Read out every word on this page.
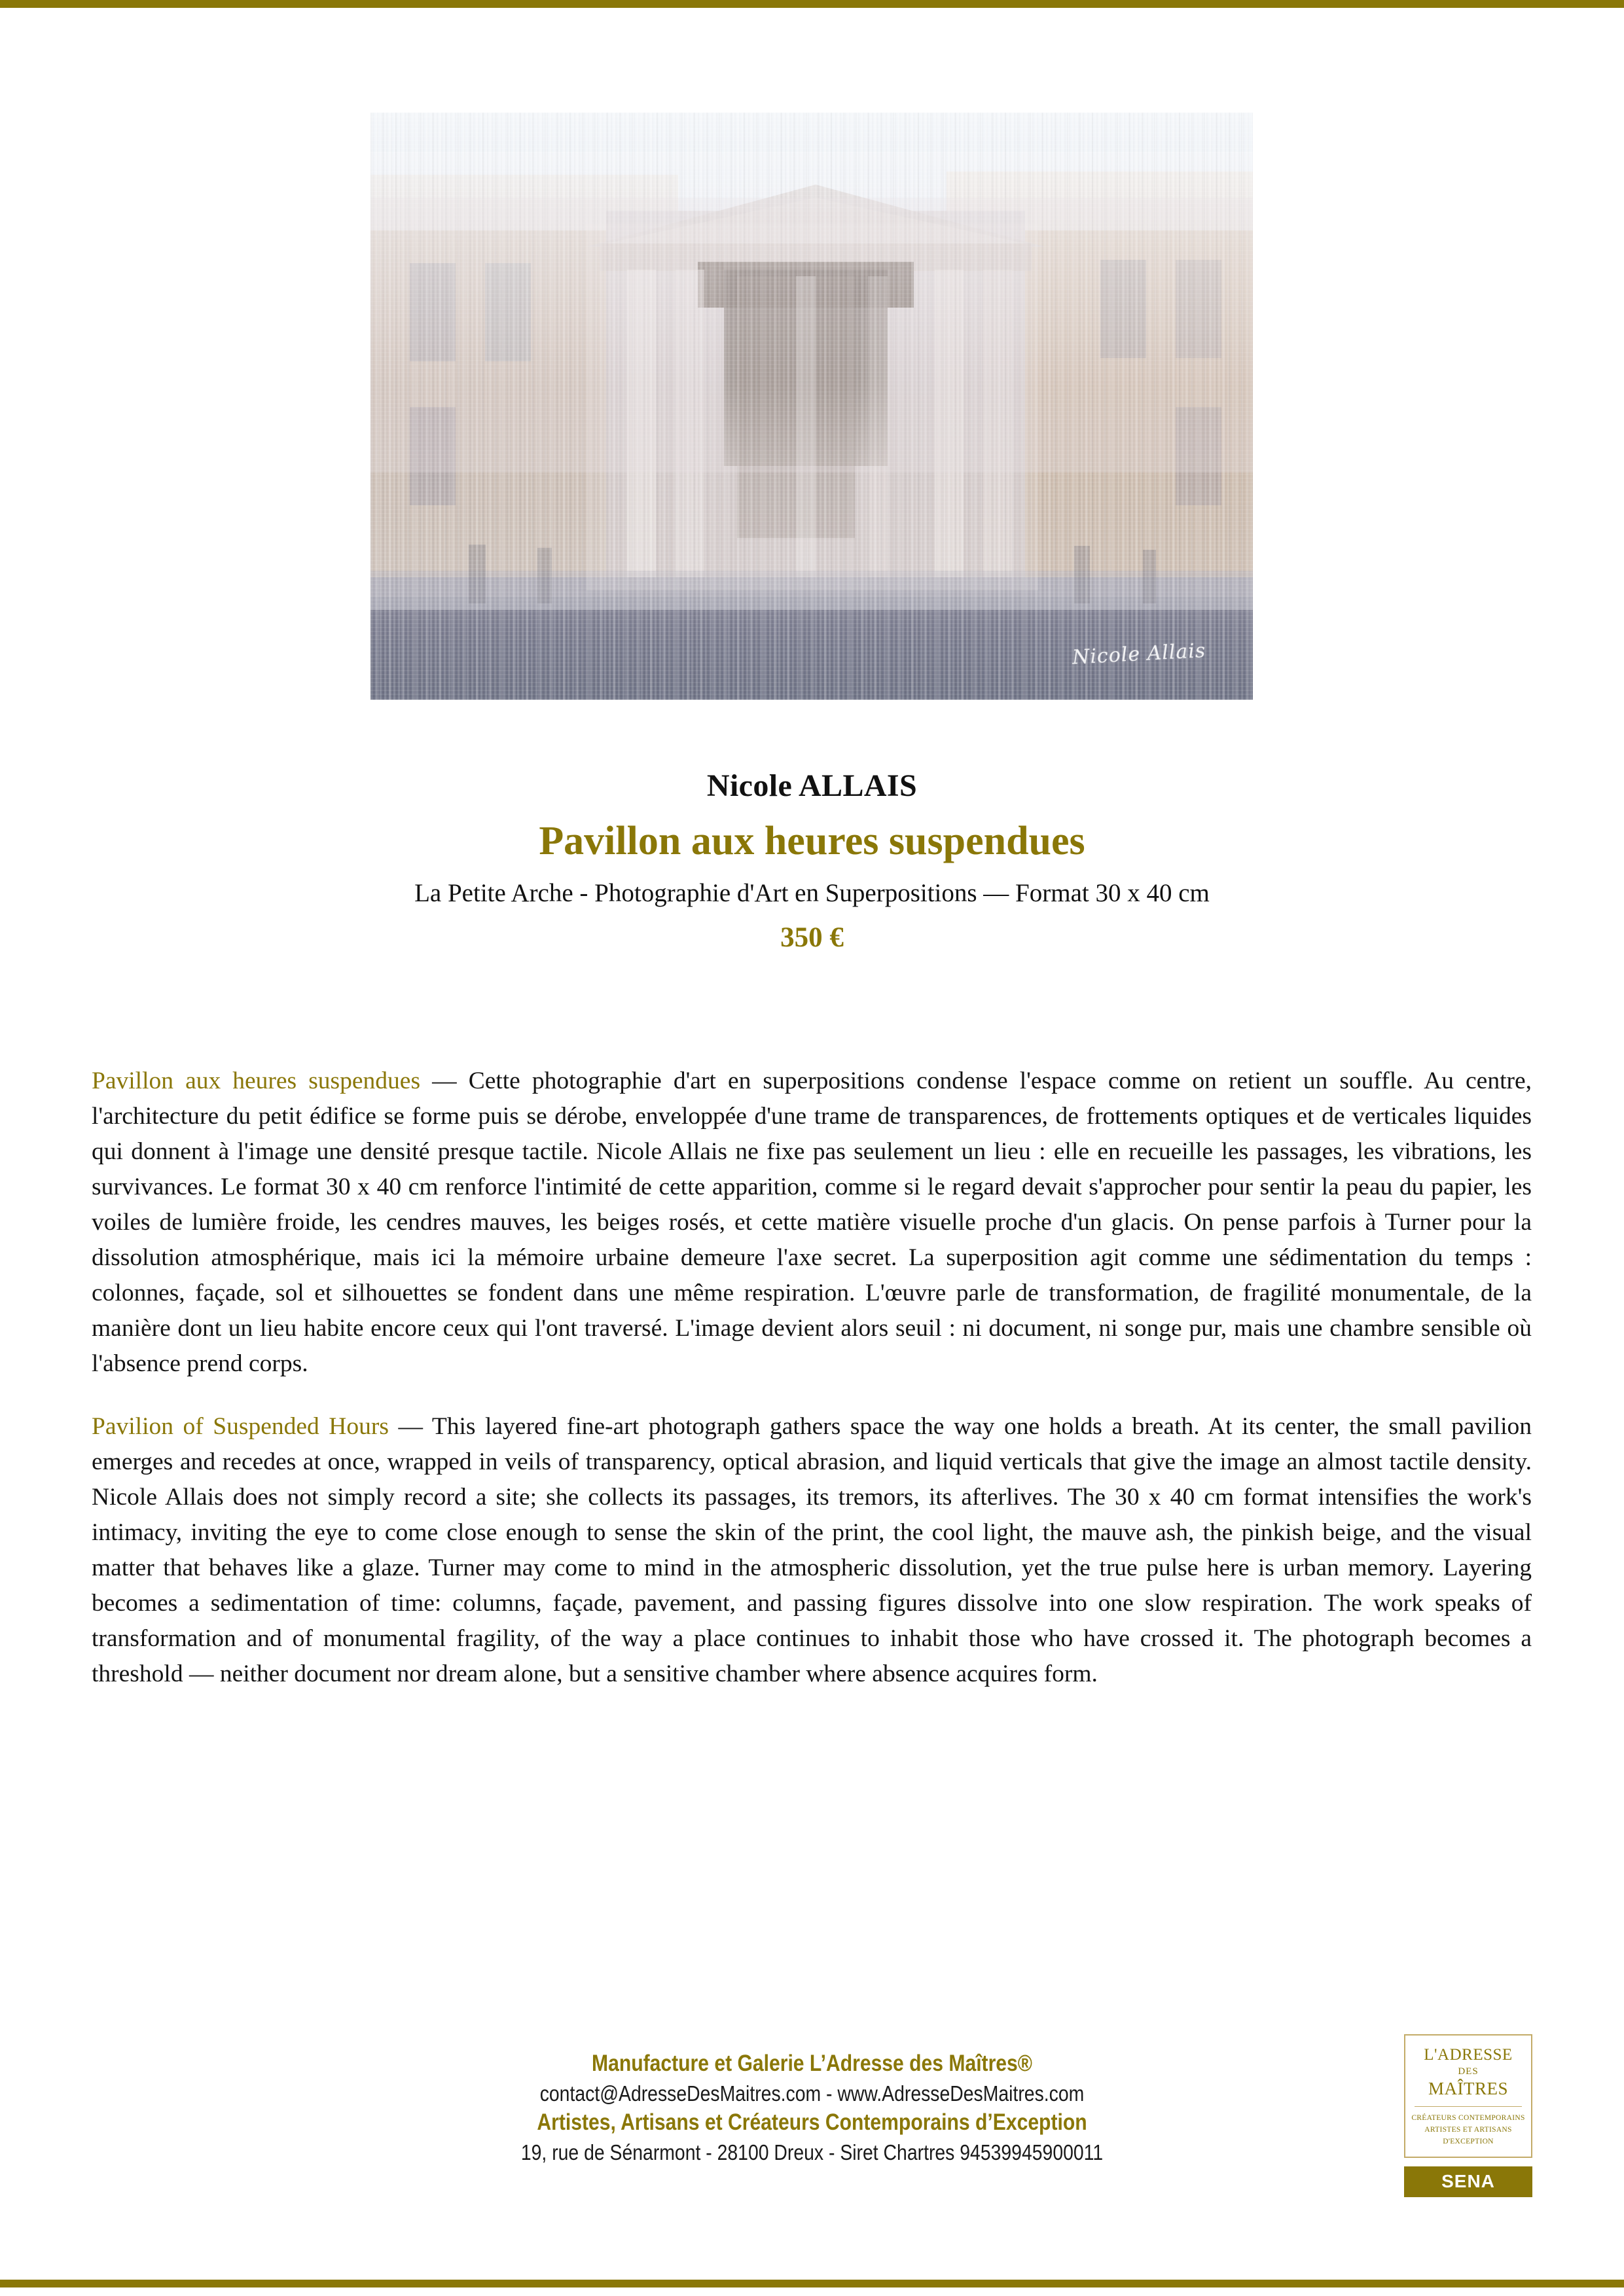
Nicole Allais

Nicole ALLAIS

Pavillon aux heures suspendues

La Petite Arche - Photographie d'Art en Superpositions — Format 30 x 40 cm

350 €

Pavillon aux heures suspendues — Cette photographie d'art en superpositions condense l'espace comme on retient un souffle. Au centre, l'architecture du petit édifice se forme puis se dérobe, enveloppée d'une trame de transparences, de frottements optiques et de verticales liquides qui donnent à l'image une densité presque tactile. Nicole Allais ne fixe pas seulement un lieu : elle en recueille les passages, les vibrations, les survivances. Le format 30 x 40 cm renforce l'intimité de cette apparition, comme si le regard devait s'approcher pour sentir la peau du papier, les voiles de lumière froide, les cendres mauves, les beiges rosés, et cette matière visuelle proche d'un glacis. On pense parfois à Turner pour la dissolution atmosphérique, mais ici la mémoire urbaine demeure l'axe secret. La superposition agit comme une sédimentation du temps : colonnes, façade, sol et silhouettes se fondent dans une même respiration. L'œuvre parle de transformation, de fragilité monumentale, de la manière dont un lieu habite encore ceux qui l'ont traversé. L'image devient alors seuil : ni document, ni songe pur, mais une chambre sensible où l'absence prend corps.

Pavilion of Suspended Hours — This layered fine-art photograph gathers space the way one holds a breath. At its center, the small pavilion emerges and recedes at once, wrapped in veils of transparency, optical abrasion, and liquid verticals that give the image an almost tactile density. Nicole Allais does not simply record a site; she collects its passages, its tremors, its afterlives. The 30 x 40 cm format intensifies the work's intimacy, inviting the eye to come close enough to sense the skin of the print, the cool light, the mauve ash, the pinkish beige, and the visual matter that behaves like a glaze. Turner may come to mind in the atmospheric dissolution, yet the true pulse here is urban memory. Layering becomes a sedimentation of time: columns, façade, pavement, and passing figures dissolve into one slow respiration. The work speaks of transformation and of monumental fragility, of the way a place continues to inhabit those who have crossed it. The photograph becomes a threshold — neither document nor dream alone, but a sensitive chamber where absence acquires form.

Manufacture et Galerie L’Adresse des Maîtres®

contact@AdresseDesMaitres.com - www.AdresseDesMaitres.com

Artistes, Artisans et Créateurs Contemporains d’Exception

19, rue de Sénarmont - 28100 Dreux - Siret Chartres 94539945900011

L'ADRESSE
DES
MAÎTRES
CRÉATEURS CONTEMPORAINS
ARTISTES ET ARTISANS
D'EXCEPTION
SENA
